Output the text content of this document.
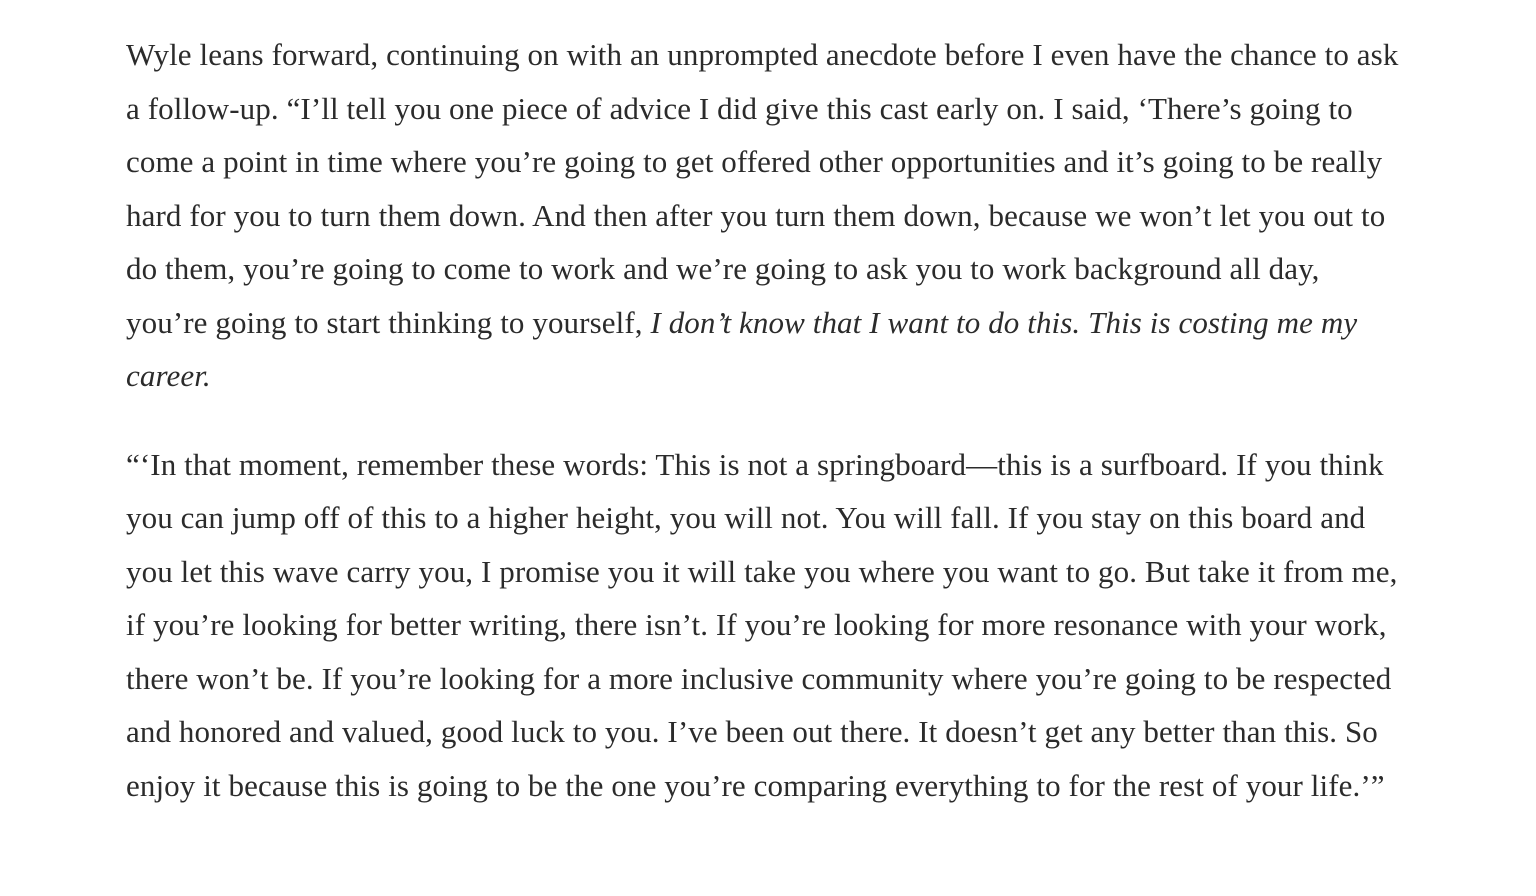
Wyle leans forward, continuing on with an unprompted anecdote before I even have the chance to ask a follow-up. “I’ll tell you one piece of advice I did give this cast early on. I said, ‘There’s going to come a point in time where you’re going to get offered other opportunities and it’s going to be really hard for you to turn them down. And then after you turn them down, because we won’t let you out to do them, you’re going to come to work and we’re going to ask you to work background all day, you’re going to start thinking to yourself, I don’t know that I want to do this. This is costing me my career.

“‘In that moment, remember these words: This is not a springboard—this is a surfboard. If you think you can jump off of this to a higher height, you will not. You will fall. If you stay on this board and you let this wave carry you, I promise you it will take you where you want to go. But take it from me, if you’re looking for better writing, there isn’t. If you’re looking for more resonance with your work, there won’t be. If you’re looking for a more inclusive community where you’re going to be respected and honored and valued, good luck to you. I’ve been out there. It doesn’t get any better than this. So enjoy it because this is going to be the one you’re comparing everything to for the rest of your life.’”
